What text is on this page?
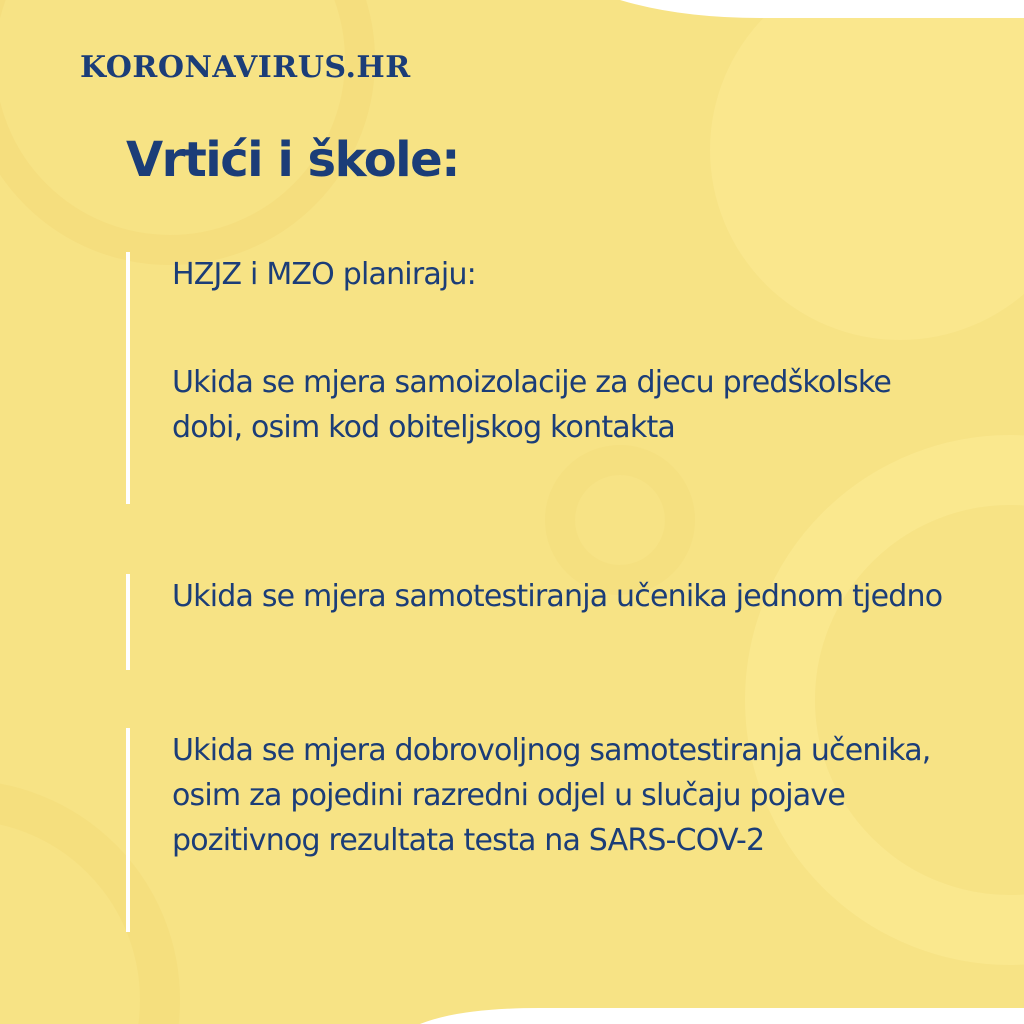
KORONAVIRUS.HR
Vrtići i škole:

HZJZ i MZO planiraju:

Ukida se mjera samoizolacije za djecu predškolske dobi, osim kod obiteljskog kontakta

Ukida se mjera samotestiranja učenika jednom tjedno

Ukida se mjera dobrovoljnog samotestiranja učenika, osim za pojedini razredni odjel u slučaju pojave pozitivnog rezultata testa na SARS-COV-2
